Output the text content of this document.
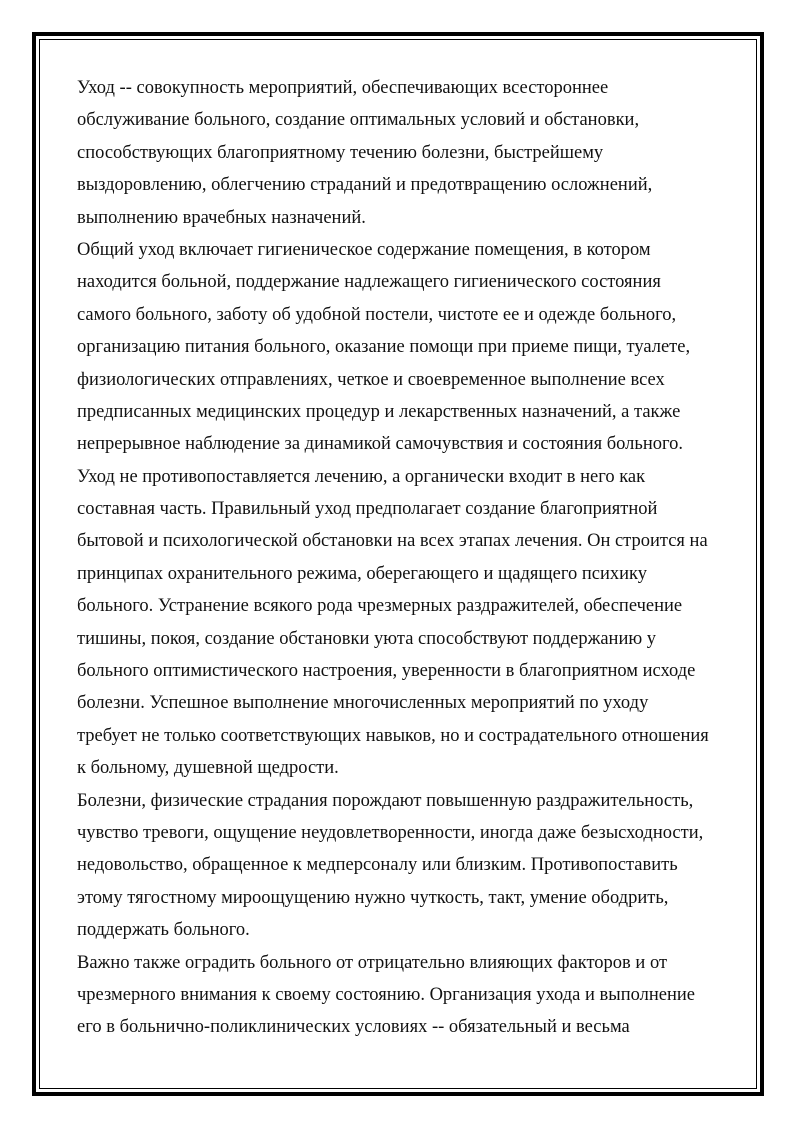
Уход -- совокупность мероприятий, обеспечивающих всестороннее
обслуживание больного, создание оптимальных условий и обстановки,
способствующих благоприятному течению болезни, быстрейшему
выздоровлению, облегчению страданий и предотвращению осложнений,
выполнению врачебных назначений.
Общий уход включает гигиеническое содержание помещения, в котором
находится больной, поддержание надлежащего гигиенического состояния
самого больного, заботу об удобной постели, чистоте ее и одежде больного,
организацию питания больного, оказание помощи при приеме пищи, туалете,
физиологических отправлениях, четкое и своевременное выполнение всех
предписанных медицинских процедур и лекарственных назначений, а также
непрерывное наблюдение за динамикой самочувствия и состояния больного.
Уход не противопоставляется лечению, а органически входит в него как
составная часть. Правильный уход предполагает создание благоприятной
бытовой и психологической обстановки на всех этапах лечения. Он строится на
принципах охранительного режима, оберегающего и щадящего психику
больного. Устранение всякого рода чрезмерных раздражителей, обеспечение
тишины, покоя, создание обстановки уюта способствуют поддержанию у
больного оптимистического настроения, уверенности в благоприятном исходе
болезни. Успешное выполнение многочисленных мероприятий по уходу
требует не только соответствующих навыков, но и сострадательного отношения
к больному, душевной щедрости.
Болезни, физические страдания порождают повышенную раздражительность,
чувство тревоги, ощущение неудовлетворенности, иногда даже безысходности,
недовольство, обращенное к медперсоналу или близким. Противопоставить
этому тягостному мироощущению нужно чуткость, такт, умение ободрить,
поддержать больного.
Важно также оградить больного от отрицательно влияющих факторов и от
чрезмерного внимания к своему состоянию. Организация ухода и выполнение
его в больнично-поликлинических условиях -- обязательный и весьма
